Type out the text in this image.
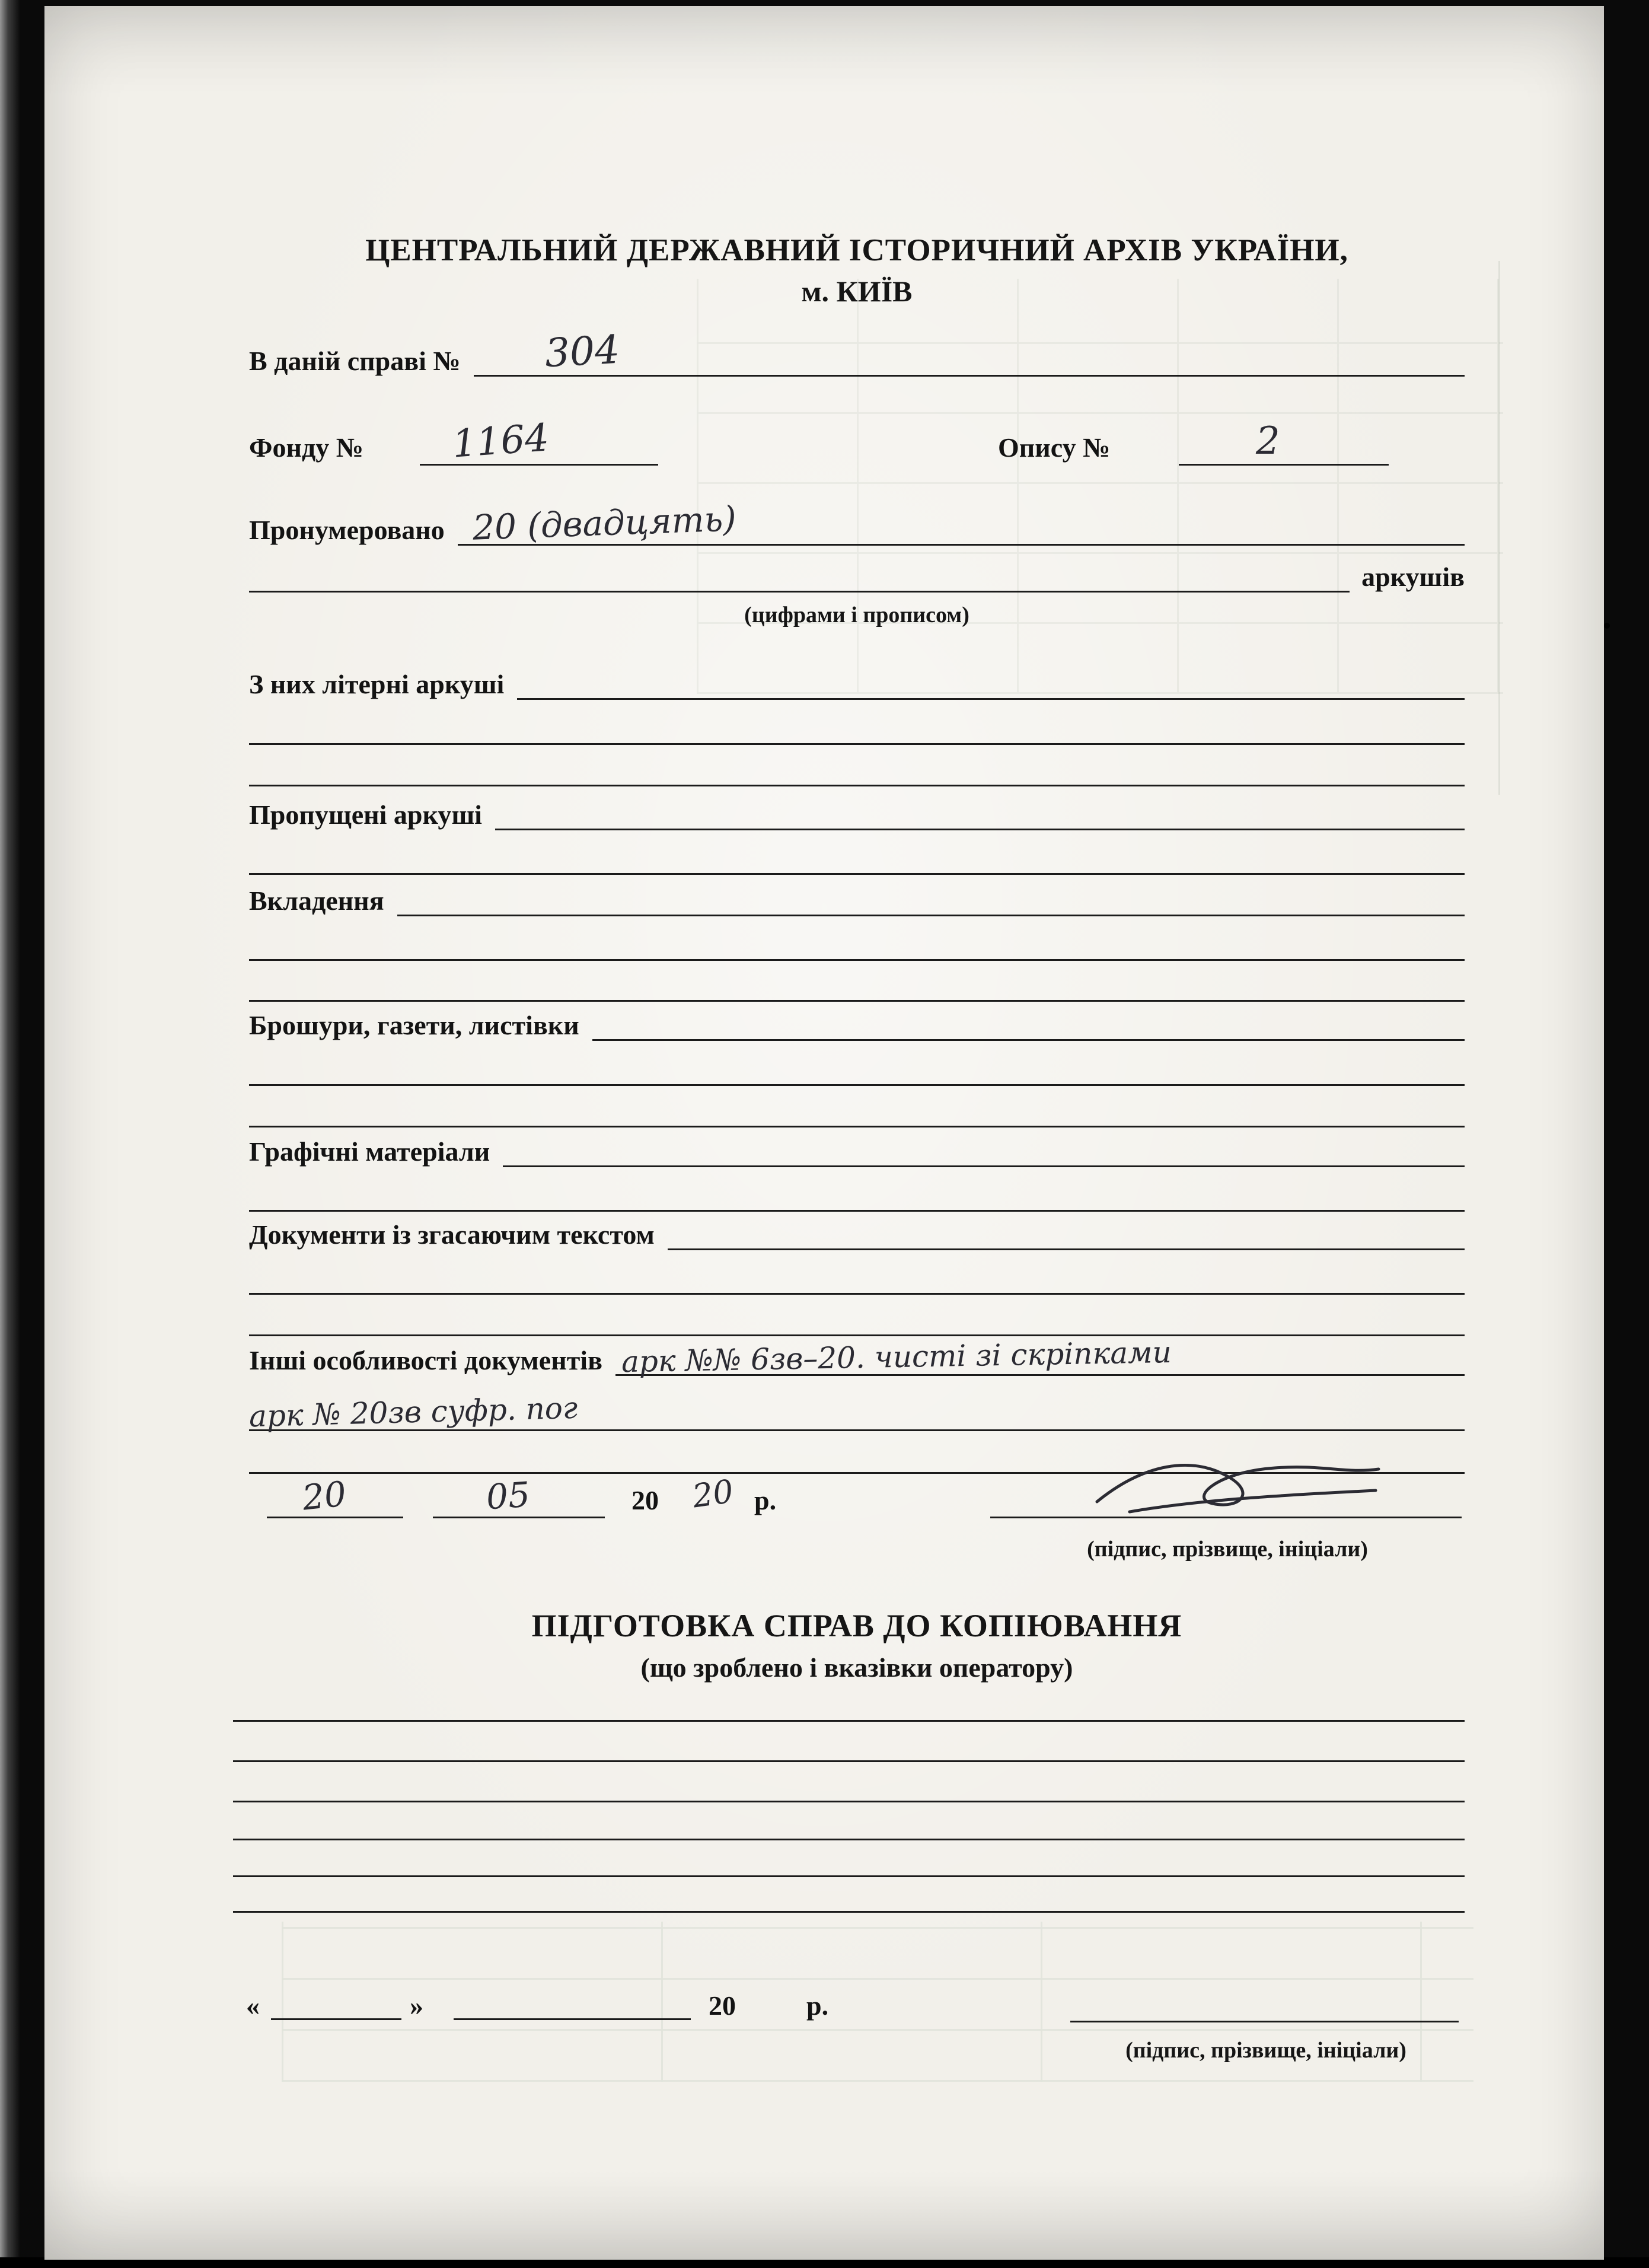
ЦЕНТРАЛЬНИЙ ДЕРЖАВНИЙ ІСТОРИЧНИЙ АРХІВ УКРАЇНИ,
м. КИЇВ
В даній справі №	304
Фонду №	1164	Опису №	2
Пронумеровано 20 (двадцять)
аркушів
(цифрами і прописом)
З них літерні аркуші
Пропущені аркуші
Вкладення
Брошури, газети, листівки
Графічні матеріали
Документи із згасаючим текстом
Інші особливості документів арк №№ 6зв–20. чисті зі скріпками
арк № 20зв суфр. пог
20	05	20 20 р.
(підпис, прізвище, ініціали)
ПІДГОТОВКА СПРАВ ДО КОПІЮВАННЯ
(що зроблено і вказівки оператору)
«	»	20	р.
(підпис, прізвище, ініціали)
